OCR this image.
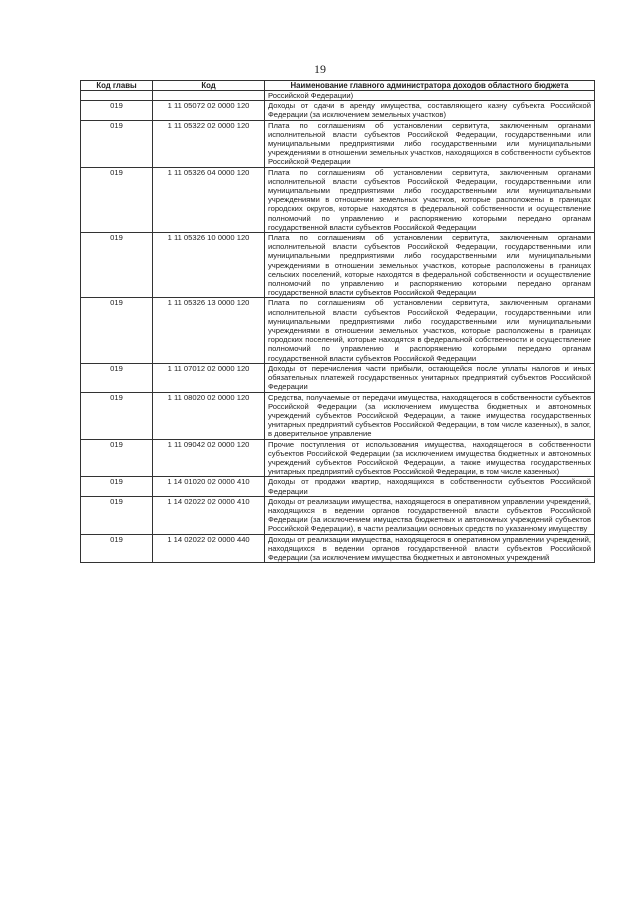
19
Код главы	Код	Наименование главного администратора доходов областного бюджета
		Российской Федерации)
019	1 11 05072 02 0000 120	Доходы от сдачи в аренду имущества, составляющего казну субъекта Российской Федерации (за исключением земельных участков)
019	1 11 05322 02 0000 120	Плата по соглашениям об установлении сервитута, заключенным органами исполнительной власти субъектов Российской Федерации, государственными или муниципальными предприятиями либо государственными или муниципальными учреждениями в отношении земельных участков, находящихся в собственности субъектов Российской Федерации
019	1 11 05326 04 0000 120	Плата по соглашениям об установлении сервитута, заключенным органами исполнительной власти субъектов Российской Федерации, государственными или муниципальными предприятиями либо государственными или муниципальными учреждениями в отношении земельных участков, которые расположены в границах городских округов, которые находятся в федеральной собственности и осуществление полномочий по управлению и распоряжению которыми передано органам государственной власти субъектов Российской Федерации
019	1 11 05326 10 0000 120	Плата по соглашениям об установлении сервитута, заключенным органами исполнительной власти субъектов Российской Федерации, государственными или муниципальными предприятиями либо государственными или муниципальными учреждениями в отношении земельных участков, которые расположены в границах сельских поселений, которые находятся в федеральной собственности и осуществление полномочий по управлению и распоряжению которыми передано органам государственной власти субъектов Российской Федерации
019	1 11 05326 13 0000 120	Плата по соглашениям об установлении сервитута, заключенным органами исполнительной власти субъектов Российской Федерации, государственными или муниципальными предприятиями либо государственными или муниципальными учреждениями в отношении земельных участков, которые расположены в границах городских поселений, которые находятся в федеральной собственности и осуществление полномочий по управлению и распоряжению которыми передано органам государственной власти субъектов Российской Федерации
019	1 11 07012 02 0000 120	Доходы от перечисления части прибыли, остающейся после уплаты налогов и иных обязательных платежей государственных унитарных предприятий субъектов Российской Федерации
019	1 11 08020 02 0000 120	Средства, получаемые от передачи имущества, находящегося в собственности субъектов Российской Федерации (за исключением имущества бюджетных и автономных учреждений субъектов Российской Федерации, а также имущества государственных унитарных предприятий субъектов Российской Федерации, в том числе казенных), в залог, в доверительное управление
019	1 11 09042 02 0000 120	Прочие поступления от использования имущества, находящегося в собственности субъектов Российской Федерации (за исключением имущества бюджетных и автономных учреждений субъектов Российской Федерации, а также имущества государственных унитарных предприятий субъектов Российской Федерации, в том числе казенных)
019	1 14 01020 02 0000 410	Доходы от продажи квартир, находящихся в собственности субъектов Российской Федерации
019	1 14 02022 02 0000 410	Доходы от реализации имущества, находящегося в оперативном управлении учреждений, находящихся в ведении органов государственной власти субъектов Российской Федерации (за исключением имущества бюджетных и автономных учреждений субъектов Российской Федерации), в части реализации основных средств по указанному имуществу
019	1 14 02022 02 0000 440	Доходы от реализации имущества, находящегося в оперативном управлении учреждений, находящихся в ведении органов государственной власти субъектов Российской Федерации (за исключением имущества бюджетных и автономных учреждений
